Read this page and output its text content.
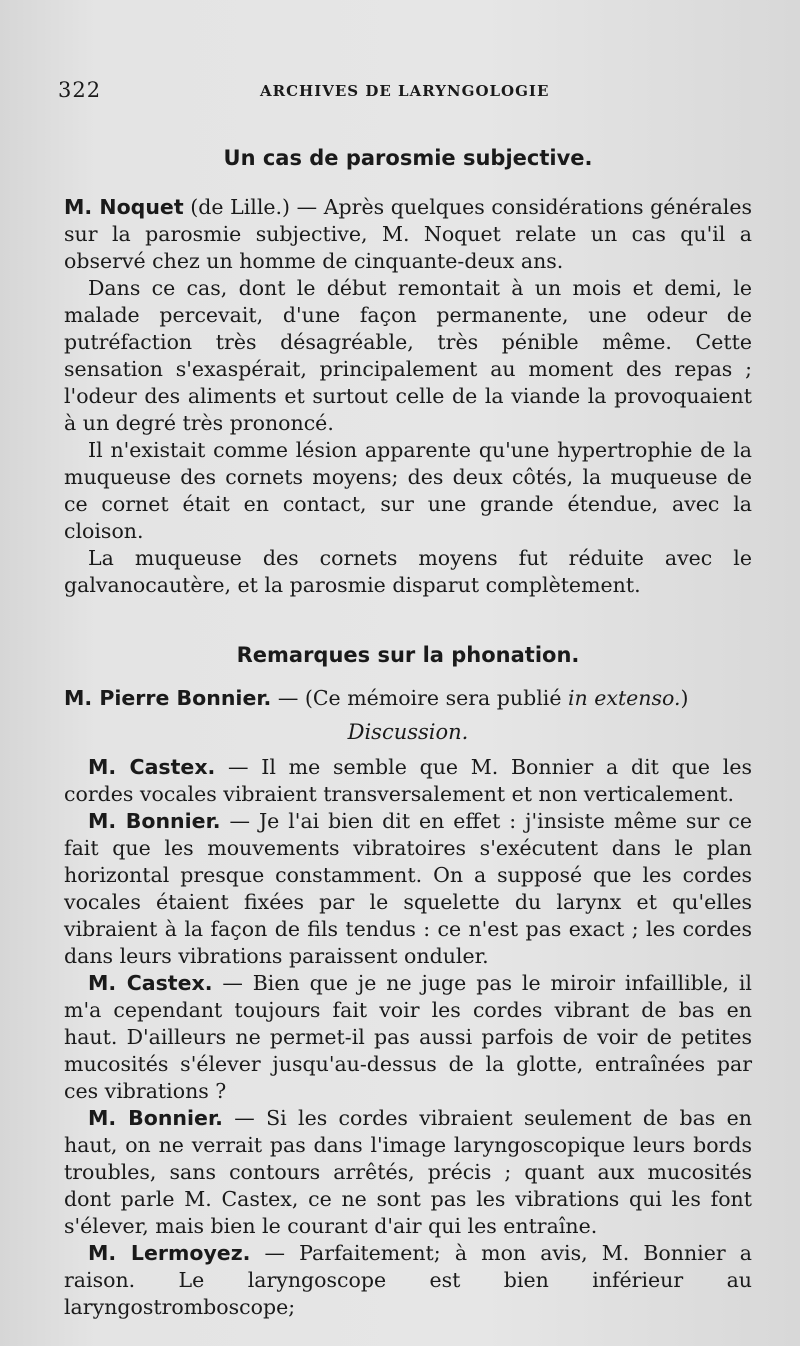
322	ARCHIVES DE LARYNGOLOGIE
Un cas de parosmie subjective.

M. Noquet (de Lille.) — Après quelques considérations générales sur la parosmie subjective, M. Noquet relate un cas qu'il a observé chez un homme de cinquante-deux ans.

Dans ce cas, dont le début remontait à un mois et demi, le malade percevait, d'une façon permanente, une odeur de putréfaction très désagréable, très pénible même. Cette sensation s'exaspérait, principalement au moment des repas ; l'odeur des aliments et surtout celle de la viande la provoquaient à un degré très prononcé.

Il n'existait comme lésion apparente qu'une hypertrophie de la muqueuse des cornets moyens; des deux côtés, la muqueuse de ce cornet était en contact, sur une grande étendue, avec la cloison.

La muqueuse des cornets moyens fut réduite avec le galvanocautère, et la parosmie disparut complètement.

Remarques sur la phonation.

M. Pierre Bonnier. — (Ce mémoire sera publié in extenso.)

Discussion.

M. Castex. — Il me semble que M. Bonnier a dit que les cordes vocales vibraient transversalement et non verticalement.

M. Bonnier. — Je l'ai bien dit en effet : j'insiste même sur ce fait que les mouvements vibratoires s'exécutent dans le plan horizontal presque constamment. On a supposé que les cordes vocales étaient fixées par le squelette du larynx et qu'elles vibraient à la façon de fils tendus : ce n'est pas exact ; les cordes dans leurs vibrations paraissent onduler.

M. Castex. — Bien que je ne juge pas le miroir infaillible, il m'a cependant toujours fait voir les cordes vibrant de bas en haut. D'ailleurs ne permet-il pas aussi parfois de voir de petites mucosités s'élever jusqu'au-dessus de la glotte, entraînées par ces vibrations ?

M. Bonnier. — Si les cordes vibraient seulement de bas en haut, on ne verrait pas dans l'image laryngoscopique leurs bords troubles, sans contours arrêtés, précis ; quant aux mucosités dont parle M. Castex, ce ne sont pas les vibrations qui les font s'élever, mais bien le courant d'air qui les entraîne.

M. Lermoyez. — Parfaitement; à mon avis, M. Bonnier a raison. Le laryngoscope est bien inférieur au laryngostromboscope;
